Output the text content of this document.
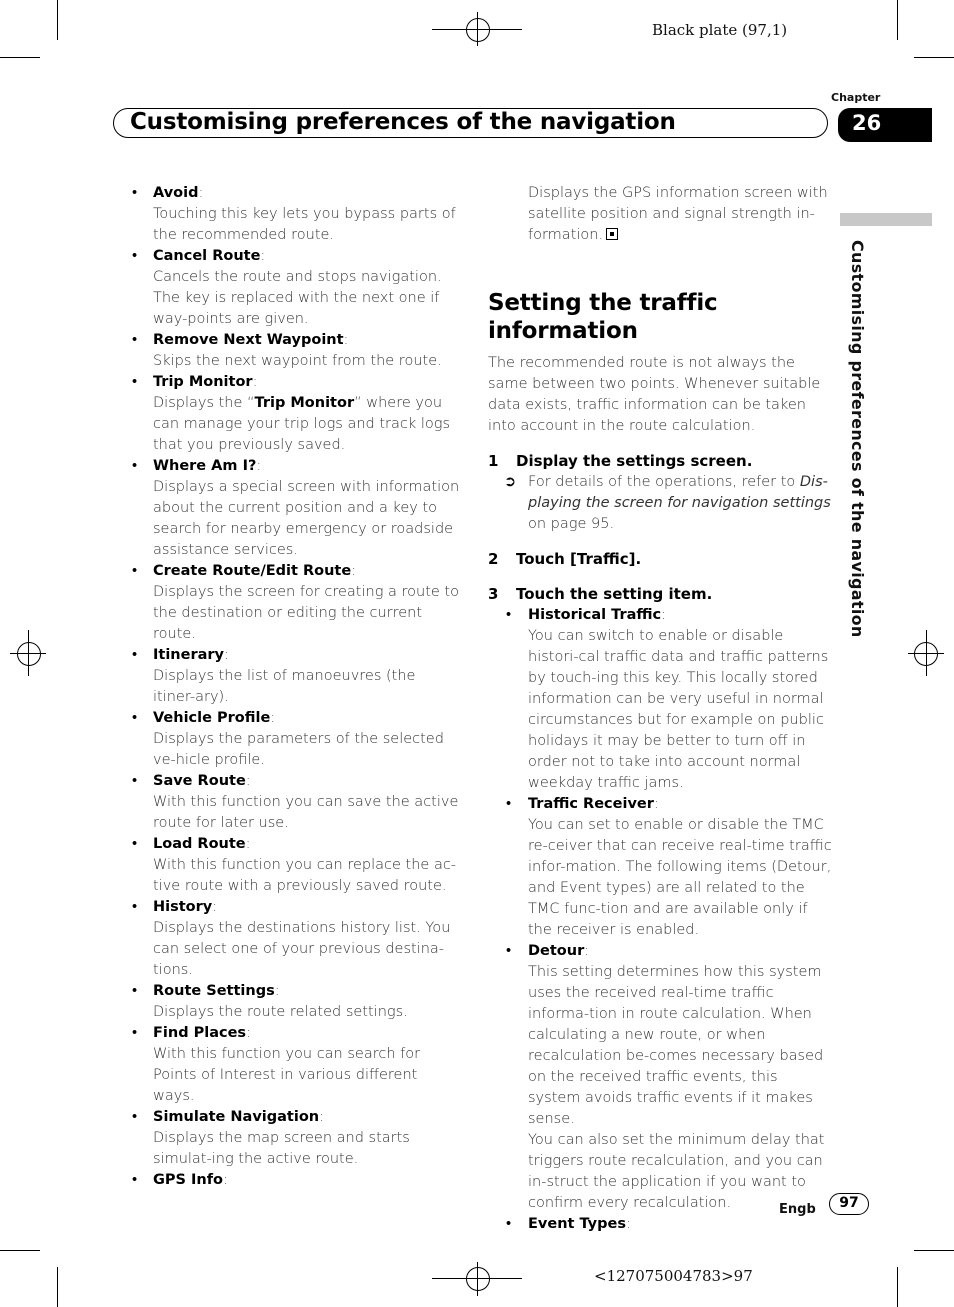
Black plate (97,1)
Customising preferences of the navigation
Chapter
26
Customising preferences of the navigation
• Avoid:
Touching this key lets you bypass parts of the recommended route.
• Cancel Route:
Cancels the route and stops navigation. The key is replaced with the next one if way-points are given.
• Remove Next Waypoint:
Skips the next waypoint from the route.
• Trip Monitor:
Displays the “Trip Monitor” where you can manage your trip logs and track logs that you previously saved.
• Where Am I?:
Displays a special screen with information about the current position and a key to search for nearby emergency or roadside assistance services.
• Create Route/Edit Route:
Displays the screen for creating a route to the destination or editing the current route.
• Itinerary:
Displays the list of manoeuvres (the itiner-ary).
• Vehicle Profile:
Displays the parameters of the selected ve-hicle profile.
• Save Route:
With this function you can save the active route for later use.
• Load Route:
With this function you can replace the ac-tive route with a previously saved route.
• History:
Displays the destinations history list. You can select one of your previous destina-tions.
• Route Settings:
Displays the route related settings.
• Find Places:
With this function you can search for Points of Interest in various different ways.
• Simulate Navigation:
Displays the map screen and starts simulat-ing the active route.
• GPS Info:
Displays the GPS information screen with satellite position and signal strength in-formation.
Setting the traffic information
The recommended route is not always the same between two points. Whenever suitable data exists, traffic information can be taken into account in the route calculation.
1 Display the settings screen.
➲ For details of the operations, refer to Dis-playing the screen for navigation settings on page 95.
2 Touch [Traffic].
3 Touch the setting item.
• Historical Traffic:
You can switch to enable or disable histori-cal traffic data and traffic patterns by touch-ing this key. This locally stored information can be very useful in normal circumstances but for example on public holidays it may be better to turn off in order not to take into account normal weekday traffic jams.
• Traffic Receiver:
You can set to enable or disable the TMC re-ceiver that can receive real-time traffic infor-mation. The following items (Detour, and Event types) are all related to the TMC func-tion and are available only if the receiver is enabled.
• Detour:
This setting determines how this system uses the received real-time traffic informa-tion in route calculation. When calculating a new route, or when recalculation be-comes necessary based on the received traffic events, this system avoids traffic events if it makes sense.
You can also set the minimum delay that triggers route recalculation, and you can in-struct the application if you want to confirm every recalculation.
• Event Types:
Engb	97
<127075004783>97
